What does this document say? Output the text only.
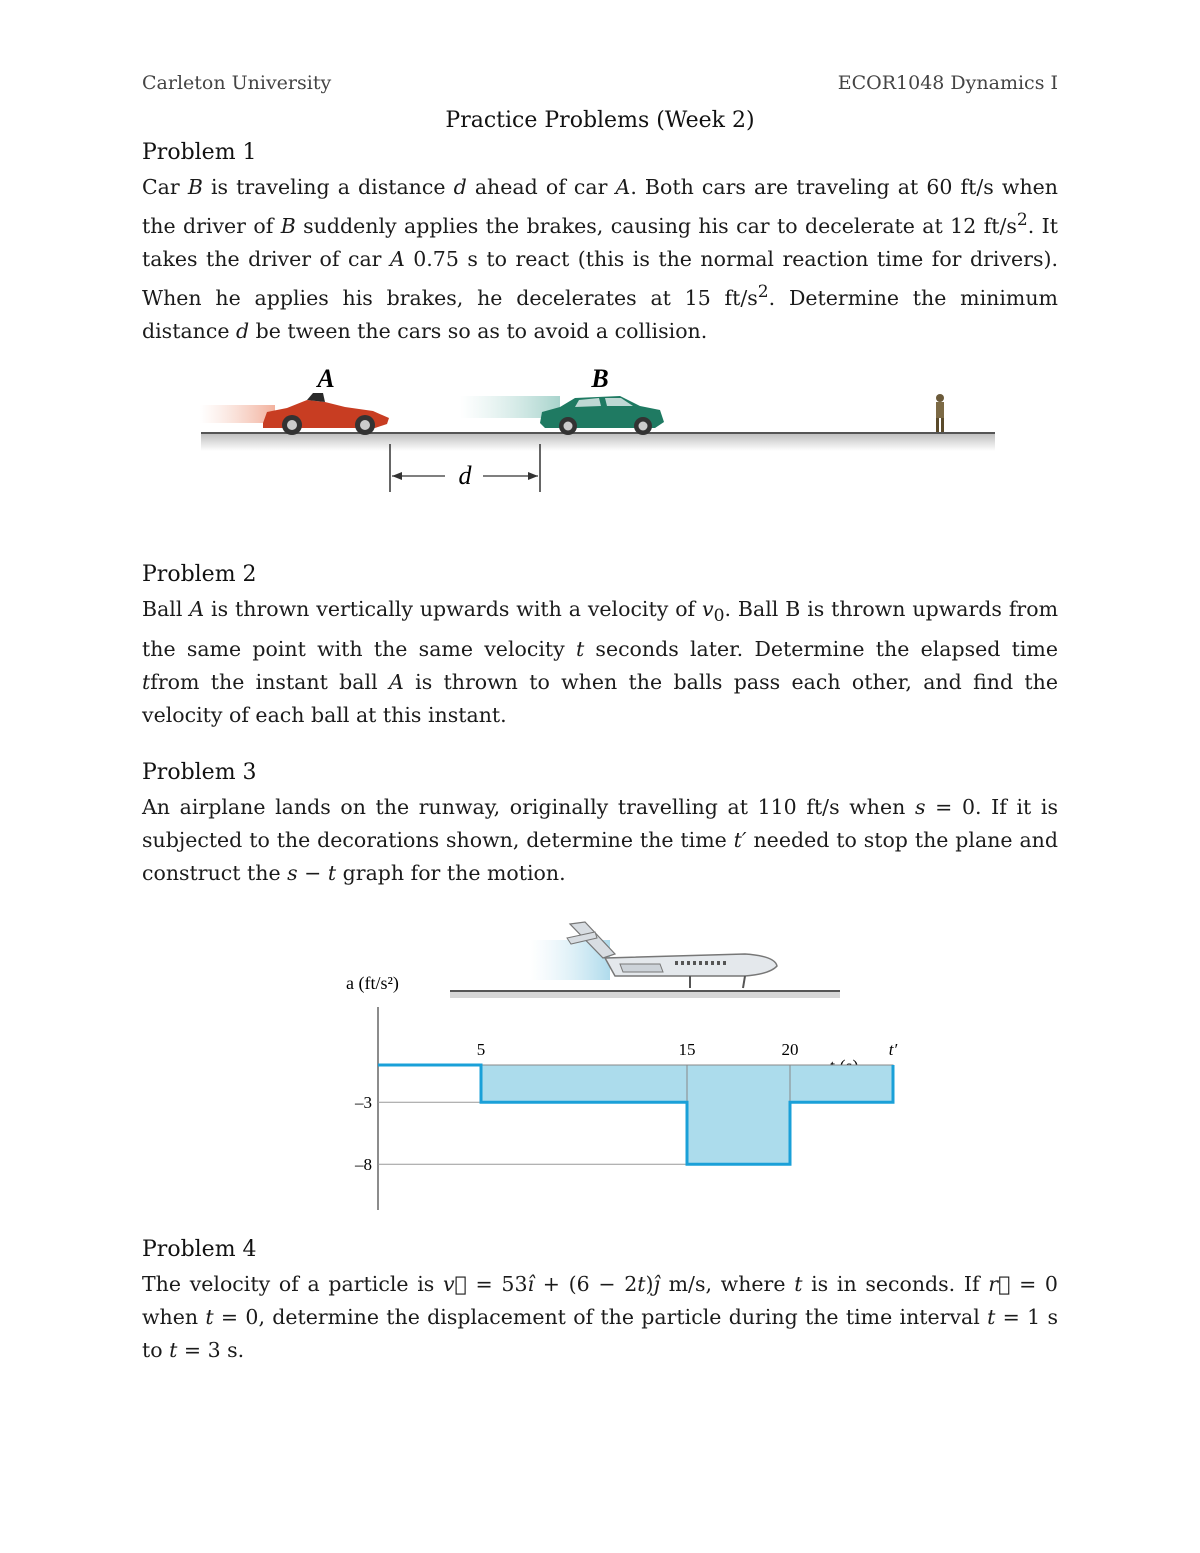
Carleton University	ECOR1048 Dynamics I
Practice Problems (Week 2)
Problem 1
Car B is traveling a distance d ahead of car A. Both cars are traveling at 60 ft/s when the driver of B suddenly applies the brakes, causing his car to decelerate at 12 $ft/s^2$. It takes the driver of car A 0.75 s to react (this is the normal reaction time for drivers). When he applies his brakes, he decelerates at 15 $ft/s^2$. Determine the minimum distance d be tween the cars so as to avoid a collision.
A	B
d
Problem 2
Ball A is thrown vertically upwards with a velocity of $v_0$. Ball B is thrown upwards from the same point with the same velocity t seconds later. Determine the elapsed time tfrom the instant ball A is thrown to when the balls pass each other, and find the velocity of each ball at this instant.
Problem 3
An airplane lands on the runway, originally travelling at 110 ft/s when s = 0. If it is subjected to the decorations shown, determine the time t′ needed to stop the plane and construct the s − t graph for the motion.
a (ft/s²)
–3
–8
5	15	20	t′
Problem 4
The velocity of a particle is v⃗ = 53î + (6 − 2t)ĵ m/s, where t is in seconds. If r⃗ = 0 when t = 0, determine the displacement of the particle during the time interval t = 1 s to t = 3 s.
